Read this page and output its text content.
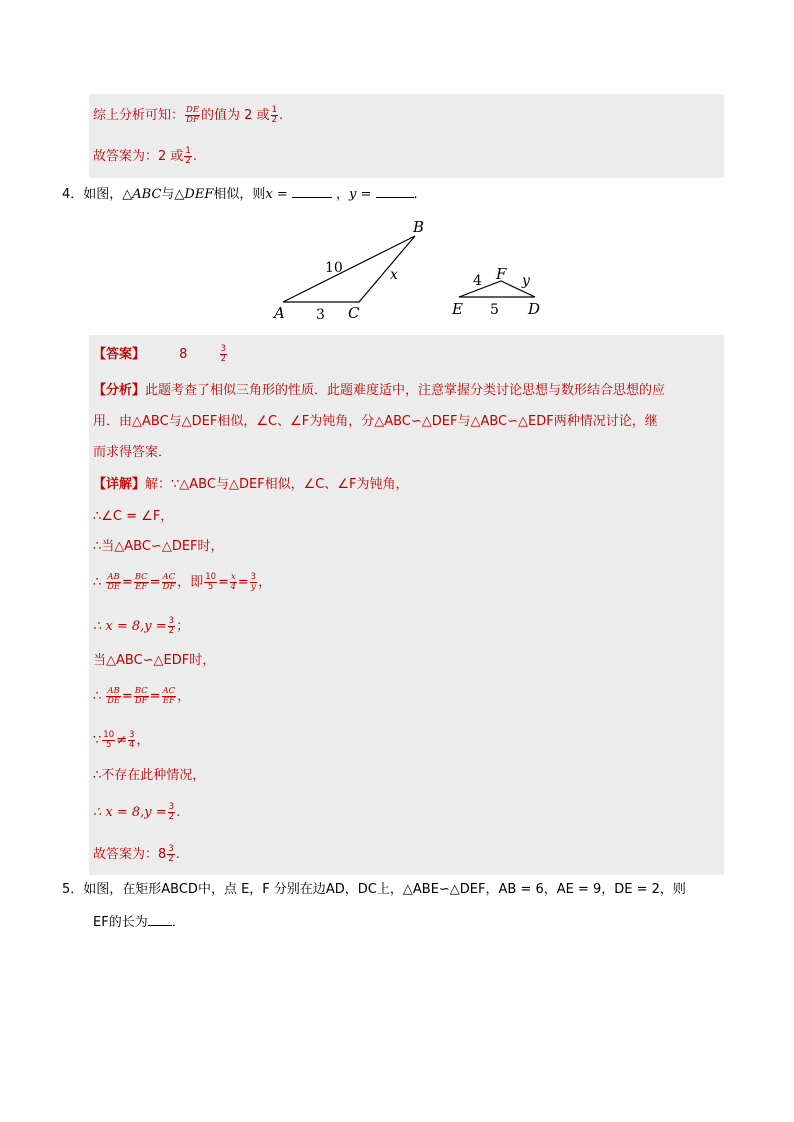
综上分析可知： $\frac{DE}{DF}$ 的值为 2 或 $\frac{1}{2}$ .
故答案为：2 或 $\frac{1}{2}$ .
4．如图，△ABC与△DEF相似，则x =	，y =	.
A
B
C
10	x
3	E
F
D
4	y
5
【答案】	8	$\frac{3}{2}$
【分析】此题考查了相似三角形的性质．此题难度适中，注意掌握分类讨论思想与数形结合思想的应
用．由△ABC与△DEF相似，∠C、∠F为钝角，分△ABC∽△DEF与△ABC∽△EDF两种情况讨论，继
而求得答案．
【详解】解：∵△ABC与△DEF相似，∠C、∠F为钝角，
∴∠C = ∠F，
∴当△ABC∽△DEF时，
∴ $\frac{AB}{DE} = \frac{BC}{EF} = \frac{AC}{DF}$ ，即 $\frac{10}{5} = \frac{x}{4} = \frac{3}{y}$ ，
∴ $x = 8,y = \frac{3}{2}$ ；
当△ABC∽△EDF时，
∴ $\frac{AB}{DE} = \frac{BC}{DF} = \frac{AC}{EF}$ ，
∵ $\frac{10}{5} \ne \frac{3}{4}$ ，
∴不存在此种情况，
∴ $x = 8,y = \frac{3}{2}$ .
故答案为：$8 \frac{3}{2}$ .
5．如图，在矩形ABCD中，点 E，F 分别在边AD，DC上，△ABE∽△DEF，AB = 6，AE = 9，DE = 2，则
EF的长为 ．
